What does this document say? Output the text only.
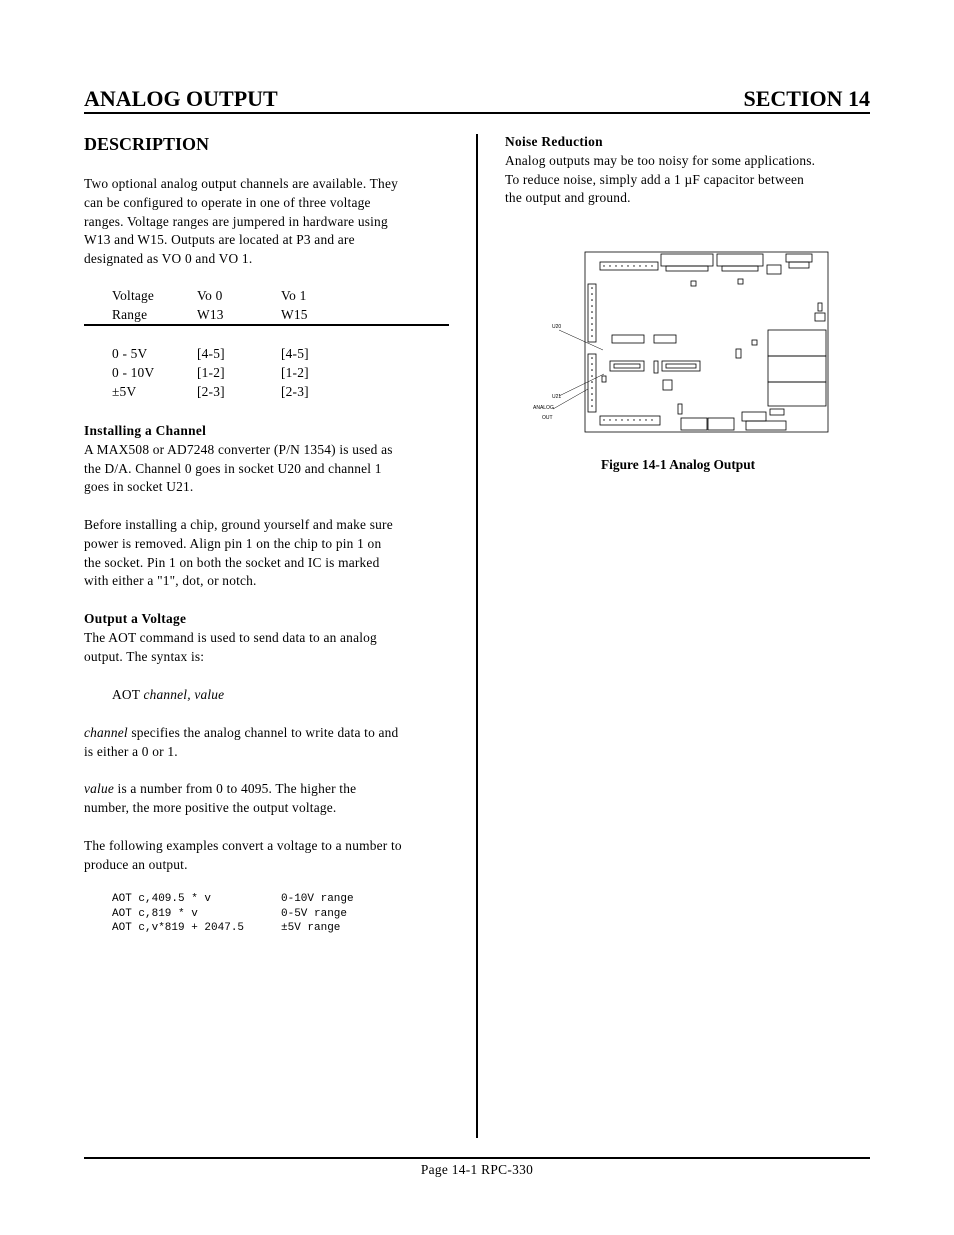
ANALOG OUTPUT	SECTION 14
DESCRIPTION
Two optional analog output channels are available. They
can be configured to operate in one of three voltage
ranges. Voltage ranges are jumpered in hardware using
W13 and W15. Outputs are located at P3 and are
designated as VO 0 and VO 1.
Voltage	Vo 0	Vo 1
Range	W13	W15
0 - 5V	[4-5]	[4-5]
0 - 10V	[1-2]	[1-2]
±5V	[2-3]	[2-3]
Installing a Channel
A MAX508 or AD7248 converter (P/N 1354) is used as
the D/A. Channel 0 goes in socket U20 and channel 1
goes in socket U21.
Before installing a chip, ground yourself and make sure
power is removed. Align pin 1 on the chip to pin 1 on
the socket. Pin 1 on both the socket and IC is marked
with either a "1", dot, or notch.
Output a Voltage
The AOT command is used to send data to an analog
output. The syntax is:
AOT channel, value
channel specifies the analog channel to write data to and
is either a 0 or 1.
value is a number from 0 to 4095. The higher the
number, the more positive the output voltage.
The following examples convert a voltage to a number to
produce an output.
AOT c,409.5 * v	0-10V range
AOT c,819 * v	0-5V range
AOT c,v*819 + 2047.5	±5V range
Noise Reduction
Analog outputs may be too noisy for some applications.
To reduce noise, simply add a 1 µF capacitor between
the output and ground.
U20
U21
ANALOG
OUT
Figure 14-1 Analog Output
Page 14-1 RPC-330
